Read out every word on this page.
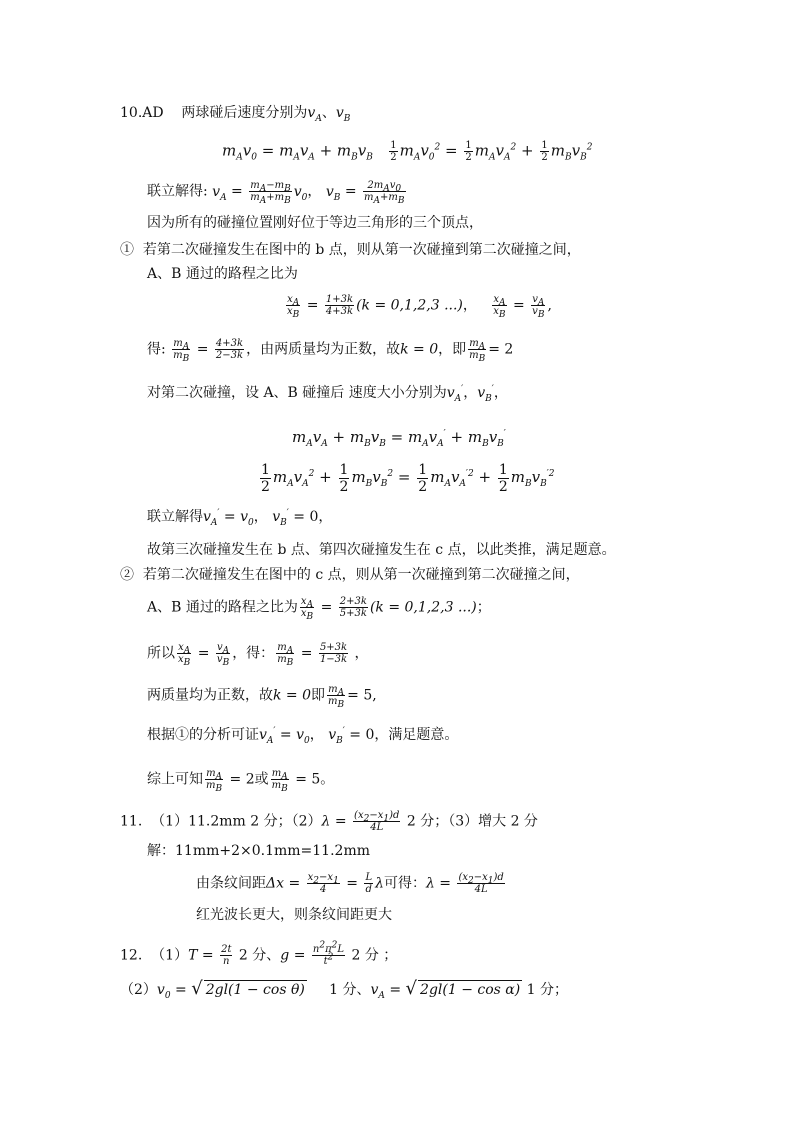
10.AD 两球碰后速度分别为$v_A$、$v_B$
$m_Av_0 = m_Av_A + m_Bv_B \frac{1}{2} m_Av_0^2 = \frac{1}{2} m_Av_A^2 + \frac{1}{2} m_Bv_B^2$
联立解得: $v_A = \frac{m_A-m_B}{m_A+m_B} v_0$， $v_B = \frac{2m_Av_0}{m_A+m_B}$
因为所有的碰撞位置刚好位于等边三角形的三个顶点，
① 若第二次碰撞发生在图中的 b 点，则从第一次碰撞到第二次碰撞之间，
A、B 通过的路程之比为
$\frac{x_A}{x_B} = \frac{1+3k}{4+3k} (k = 0,1,2,3$ ...)， $\frac{x_A}{x_B} = \frac{v_A}{v_B}$ ,
得: $\frac{m_A}{m_B} = \frac{4+3k}{2-3k}$ ，由两质量均为正数，故k = 0，即 $\frac{m_A}{m_B} = 2$
对第二次碰撞，设 A、B 碰撞后 速度大小分别为$v_A'$，$v_B'$，
$m_Av_A + m_Bv_B = m_Av_A' + m_Bv_B'$
$\frac{1}{2} m_Av_A^2 + \frac{1}{2} m_Bv_B^2 = \frac{1}{2} m_Av_A^{'2} + \frac{1}{2} m_Bv_B^{'2}$
联立解得$v_A' = v_0$， $v_B' = 0$，
故第三次碰撞发生在 b 点、第四次碰撞发生在 c 点，以此类推，满足题意。
② 若第二次碰撞发生在图中的 c 点，则从第一次碰撞到第二次碰撞之间，
A、B 通过的路程之比为 $\frac{x_A}{x_B} = \frac{2+3k}{5+3k} (k = 0,1,2,3$ ...)；
所以 $\frac{x_A}{x_B} = \frac{v_A}{v_B}$ ，得： $\frac{m_A}{m_B} = \frac{5+3k}{1-3k}$ ，
两质量均为正数，故k = 0即 $\frac{m_A}{m_B} = 5$,
根据①的分析可证$v_A' = v_0$， $v_B' = 0$，满足题意。
综上可知 $\frac{m_A}{m_B} = 2$或 $\frac{m_A}{m_B} = 5$。
11. （1）11.2mm 2 分；$(2)\lambda = \frac{(x_2-x_1)d}{4L} 2$ 分；（3）增大 2 分
解：11mm+2×0.1mm=11.2mm
由条纹间距$\Delta x = \frac{x_2-x_1}{4} = \frac{L}{d}$ λ可得：$\lambda = \frac{(x_2-x_1)d}{4L}$
红光波长更大，则条纹间距更大
12. $(1)T = \frac{2t}{n} 2$ 分、$g = \frac{n^2\pi^2L}{t^2} 2$ 分 ；
$(2)v_0$ = √ 2gl(1 − cos θ) 1 分、$v_A$ = √ 2gl(1 − cos α) 1 分；
